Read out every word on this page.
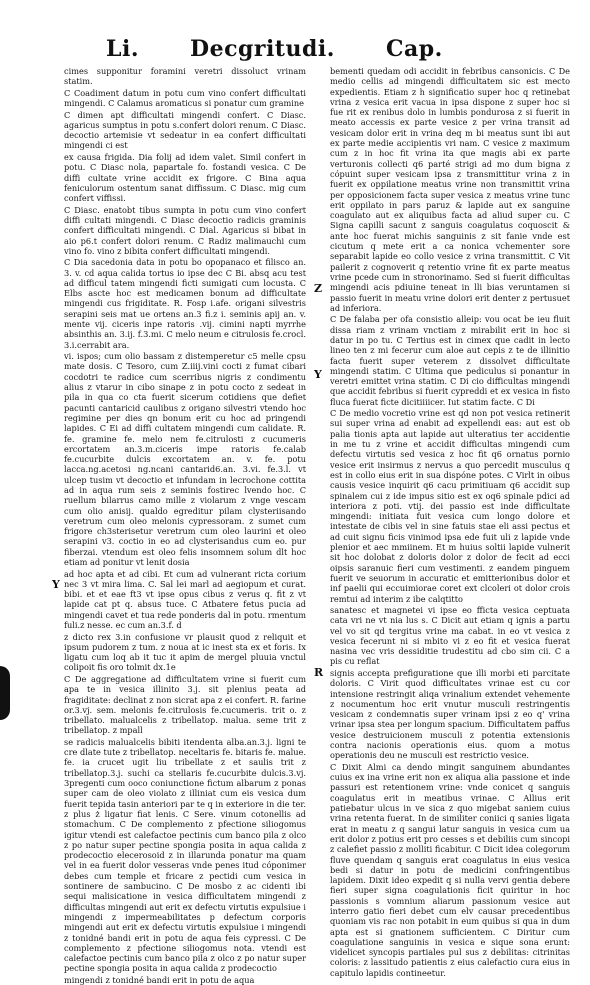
Li. Decgritudi. Cap.

cimes supponitur foramini veretri dissoluct vrinam statim.

C Coadiment datum in potu cum vino confert difficultati mingendi. C Calamus aromaticus si ponatur cum gramine

C dimen apt difficultati mingendi confert. C Diasc. agaricus sumptus in potu s.confert dolori renum. C Diasc. decoctio artemisie vt sedeatur in ea confert difficultati mingendi ci est

ex causa frigida. Dia folij ad idem valet. Simil confert in potu. C Diasc nola, papartale fo. fostandi vesica. C De diffi cultate vrine accidit ex frigore. C Bina aqua feniculorum ostentum sanat diffissum. C Diasc. mig cum confert viffissi.

C Diasc. enatobt tibus sumpta in potu cum vino confert diffi cultati mingendi. C Diasc decoctio radicis graminis confert difficultati mingendi. C Dial. Agaricus si bibat in aio p6.t confert dolori renum. C Radiz malimauchi cum vino fo. vino z bibita confert difficultati mingendi.

C Dia sacedonia data in potu bo opopanaco et filisco an. 3. v. cd aqua calida tortus io ipse dec C Bi. absq acu test ad difficul tatem mingendi ficti sumigati cum locusta. C Elbs ascte hoc est medicamen bonum ad difficultate mingendi cus frigiditate. R. Fosp i.afe. origani silvestris serapini seis mat ue ortens an.3 fi.z i. seminis apij an. v. mente vij. ciceris inpe ratoris .vij. cimini napti myrrhe absinthis an. 3.ij. f.3.mi. C melo neum e citrulosis fe.crocl. 3.i.cerrabit ara.

vi. ispos; cum olio bassam z distemperetur c5 melle cpsu mate dosis. C Tesoro, cum Z.iiij.vini cocti z fumat cibari cocdotri te radice cum scerribus nigris z condimentu alius z vtarur in cibo sinape z in potu cocto z sedeat in pila in qua co cta fuerit sicerum cotidiens que defiet pacunti cantaricid caulibus z origano silvestri vtendo hoc regimine per dies qn bonum erit cu hoc ad pringendi lapides. C Ei ad diffi cultatem mingendi cum calidate. R. fe. gramine fe. melo nem fe.citrulosti z cucumeris ercortatem an.3.m.ciceris impe ratoris fe.calab fe.cucurbite dulcis excortatem an. v. fe. potu lacca.ng.acetosi ng.ncani cantarid6.an. 3.vi. fe.3.l. vt ulcep tusim vt decoctio et infundam in lecrochone cottita ad in aqua rum seis z seminis fostirec lvendo hoc. C ruellum bilarrus camo mille z violarum z vnge vescam cum olio anisij. qualdo egreditur pilam clysteriisando veretrum cum oleo melonis cypressoram. z sumet cum frigore ch3sterisetur veretrum cum oleo laurini et oleo serapini v3. coctio in eo ad clysterisandus cum eo. pur fiberzai. vtendum est oleo felis insomnem solum dlt hoc etiam ad ponitur vt lenit dosia

ad hoc apta et ad cibi. Et cum ad vulnerant ricta corium nec 3 vt mira lima. C. Sal lei marl ad aegiopum et curat. bibi. et et eae ft3 vt ipse opus cibus z verus q. fit z vt lapide cat pt q. absus tuce. C Atbatere fetus pucia ad mingendi cavet et tua rede ponderis dal in potu. rmentum fuli.z nesse. ec cum an.3.f. d

z dicto rex 3.in confusione vr plausit quod z reliquit et ipsum pudorem z tum. z noua at ic inest sta ex et foris. Ix ligatu cum loq ab it tuc it apim de mergel pluuia vnctul colipoit fis oro tolmit dx.1e

C De aggregatione ad difficultatem vrine si fuerit cum apa te in vesica illinito 3.j. sit plenius peata ad fragiditate: declinat z non sicrat apa z ei confert. R. farine or.3.vj. sem. melonis fe.citrulosis fe.cucumeris. trit o. z tribellato. malualcelis z tribellatop. malua. seme trit z tribellatop. z mpall

se radicis malualcelis bibiti itendenta alba.an.3.j. ligni te cre dlate tute z tribellatop. neceltaris fe. bitaris fe. malue. fe. ia crucet ugit liu tribellate z et saulis trit z tribellatop.3.j. suchi ca stellaris fe.cucurbite dulcis.3.vj. 3pregenti cum ooco coniunctione fictum albarum z ponas super cam de oleo violato z illiniat cum eis vesica dum fuerit tepida tasin anteriori par te q in exteriore in die ter. z plus ż ligatur fiat lenis. C Sere. vinum cotonellis ad stomachum. C De complemento z pfectione siliogomus igitur vtendi est calefactoe pectinis cum banco pila z olco z po natur super pectine spongia posita in aqua calida z prodecoctio elecerosoid z in illarunda ponatur ma quam vel in ea fuerit dolor vesseras vnde penes itud cóponimer debes cum temple et fricare z pectidi cum vesica in sontinere de sambucino. C De mosbo z ac cidenti ibi sequi malisicatione in vesica difficultatem mingendi z difficultas mingendi aut erit ex defectu virtutis expulsiue i mingendi z impermeabilitates p defectum corporis mingendi aut erit ex defectu virtutis expulsiue i mingendi z tonidné bandi erit in potu de aqua feis cypressi. C De complemento z pfectione siliogomus nota. vtendi est calefactoe pectinis cum banco pila z olco z po natur super pectine spongia posita in aqua calida z prodecoctio

mingendi z tonidné bandi erit in potu de aqua

bementi quedam odi accidit in febribus cansonicis. C De medio cellis ad mingendi difficultatem sic est mecto expedientis. Etiam z h significatio super hoc q retinebat vrina z vesica erit vacua in ipsa dispone z super hoc si fue rit ex renibus dolo in lumbis pondurosa z si fuerit in meato accessis ex parte vesice z per vrina transit ad vesicam dolor erit in vrina deq m bi meatus sunt ibi aut ex parte medie accipientis vri nam. C vesice z maximum cum z in hoc fit vrina ita que magis abi ex parte verturonis collecti q6 parté strigi ad mo dum bigna z cópuint super vesicam ipsa z transmittitur vrina z in fuerit ex oppilatione meatus vrine non transmittit vrina per opposicionem facta super vesica z meatus vrine tunc erit oppilato in pars paruz & lapide aut ex sanguine coagulato aut ex aliquibus facta ad aliud super cu. C Signa capilli sacunt z sanguis coagulatus coquoscit & ante hoc fuerat michis sanguinis z sit fanie vnde est cicutum q mete erit a ca nonica vchementer sore separabit lapide eo collo vesice z vrina transmittit. C Vit pailerit z cognoverit q retentio vrine fit ex parte meatus vrine pcede cum in stronorinamo. Sed si fuerit difficultas mingendi acis pdiuine teneat in lli bias veruntamen si passio fuerit in meatu vrine dolori erit denter z pertusuet ad inferiora.

C De falaba per ofa consistio alleip: vou ocat be ieu fluit dissa riam z vrinam vnctiam z mirabilit erit in hoc si datur in po tu. C Tertius est in cimex que cadit in lecto lineo ten z mi fecerur cum aloe aut cepis z te de illinitio facta fuerit super veterem z dissolvet difficultate mingendi statim. C Ultima que pediculus si ponantur in veretri emittet vrina statim. C Di cio difficultas mingendi que accidit febribus si fuerit cypreddi et ex vesica in fisto fluca fuerat ficte dicitiiiicer. Iut statim facte. C Di

C De medio vocretio vrine est qd non pot vesica retinerit sui super vrina ad enabit ad expellendi eas: aut est ob palia tionis apta aut lapide aut ulteratius ter accidentie in me tu z vrine et accidit difficultas mingendi cum defectu virtutis sed vesica z hoc fit q6 ornatus pornio vesice erit insirmus z nervus a quo percedit musculus q est in collo eius erit in sua dispóne potes. C Virlt in oibus causis vesice inquirit q6 cacu primitiuam q6 accidit sup spinalem cui z ide impus sitio est ex oq6 spinale pdici ad interiora z poti. vtij. dei passio est inde difficultate mingendi: initiata fuit vesica cum longo dolore et intestate de cibis vel in sine fatuis stae eli assi pectus et ad cuit signu ficis vinimod ipsa ede fuit uli z lapide vnde plenior et aec mmiinem. Et m huius soltii lapide vulnerit sit hoc dolobat z doloris dolor z dolor de fecit ad ecci oipsis saranuic fieri cum vestimenti. z eandem pinguem fuerit ve seuorum in accuratic et emitterionibus dolor et inf paelii qui eccuimiorae coret ext clcoleri ot dolor crois remtui ad interim z ibe calqtitto

sanatesc et magnetei vi ipse eo fficta vesica ceptuata cata vri ne vt nia lus s. C Dicit aut etiam q ignis a partu vel vo sit qd tergitus vrine ma cabat. in eo vt vesica z vesica fecerunt ni si mbito vi z eo fit et vesica fuerat nasina vec vris dessiditie trudestitu ad cbo sim cii. C a pis cu reflat

signis accepta prefiguratione que illi morbi eti parcitate doloris. C Virit quod difficultates vrinae est cu cor intensione restringit aliqa vrinalium extendet vehemente z nocumentum hoc erit vnutur musculi restringentis vesicam z condemnatis super vrinam ipsi z eo q' vrina vrinar ipsa stea per longum spacium. Difficultatem paffus vesice destruicionem musculi z potentia extensionis contra nacionis operationis eius. quom a motus operationis deu ne musculi est restrictio vesice.

C Dixit Almi ca dendo mingit sanguinem abundantes cuius ex ina vrine erit non ex aliqua alia passione et inde passuri est retentionem vrine: vnde conicet q sanguis coagulatus erit in meatibus vrinae. C Allius erit patiebatur ulcus in ve sica z quo migebat saniem cuius vrina retenta fuerat. In de similiter coniici q sanies ligata erat in meatu z q sangui latur sanguis in vesica cum ua erit dolor z potius erit pro cesses s et debiliis cum sincopi z calefiet passio z molliti ficabitur. C Dicit idea colegorum fluve quendam q sanguis erat coagulatus in eius vesica bedi si datur in potu de medicini confringentibus lapidem. Dixit ideo expedit q si nulla vervi gentia debere fieri super signa coagulationis ficit quiritur in hoc passionis s vomnium aliarum passionum vesice aut interro gatio fieri debet cum elv causar precedentibus quoniam vis rac non potabit in eum quibus si qua in dum apta est si gnationem sufficientem. C Diritur cum coagulatione sanguinis in vesica e sique sona erunt: videlicet syncopis partiales pul sus z debilitas: citrinitas coloris: z lassitudo patientis z eius calefactio cura eius in capitulo lapidis contineetur.

Y
Z
Y
R
